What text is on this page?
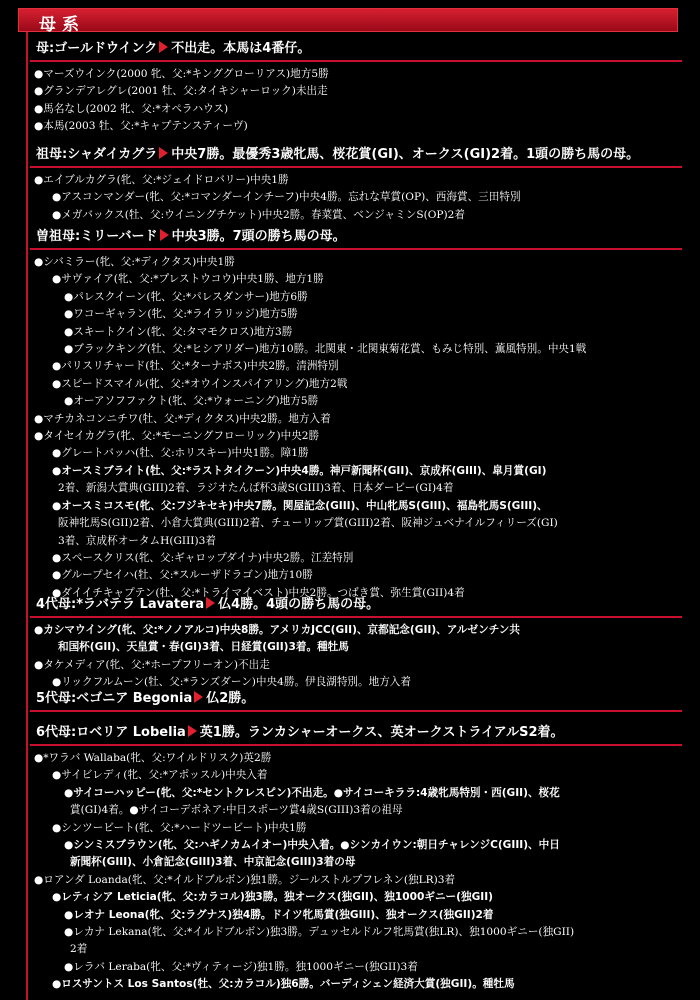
母系
母:ゴールドウインク 不出走。本馬は4番仔。
●マーズウインク(2000 牝、父:*キンググローリアス)地方5勝
●グランデアレグレ(2001 牡、父:タイキシャーロック)未出走
●馬名なし(2002 牝、父:*オペラハウス)
●本馬(2003 牡、父:*キャプテンスティーヴ)
祖母:シャダイカグラ 中央7勝。最優秀3歳牝馬、桜花賞(GI)、オークス(GI)2着。1頭の勝ち馬の母。
●エイブルカグラ(牝、父:*ジェイドロバリー)中央1勝
●アスコンマンダー(牝、父:*コマンダーインチーフ)中央4勝。忘れな草賞(OP)、西海賞、三田特別
●メガバックス(牡、父:ウイニングチケット)中央2勝。春菜賞、ベンジャミンS(OP)2着
曽祖母:ミリーバード 中央3勝。7頭の勝ち馬の母。
●シバミラー(牝、父:*ディクタス)中央1勝
●サヴァイア(牝、父:*プレストウコウ)中央1勝、地方1勝
●パレスクイーン(牝、父:*パレスダンサー)地方6勝
●ワコーギャラン(牝、父:*ライラリッジ)地方5勝
●スキートクイン(牝、父:タマモクロス)地方3勝
●ブラックキング(牡、父:*ヒシアリダー)地方10勝。北関東・北関東菊花賞、もみじ特別、薫風特別。中央1戦
●パリスリチャード(牡、父:*ターナボス)中央2勝。清洲特別
●スピードスマイル(牝、父:*オウインスパイアリング)地方2戦
●オーアソフファクト(牝、父:*ウォーニング)地方5勝
●マチカネコンニチワ(牡、父:*ディクタス)中央2勝。地方入着
●タイセイカグラ(牝、父:*モーニングフローリック)中央2勝
●グレートバッハ(牡、父:ホリスキー)中央1勝。障1勝
●オースミブライト(牡、父:*ラストタイクーン)中央4勝。神戸新聞杯(GII)、京成杯(GIII)、皐月賞(GI)
2着、新潟大賞典(GIII)2着、ラジオたんぱ杯3歳S(GIII)3着、日本ダービー(GI)4着
●オースミコスモ(牝、父:フジキセキ)中央7勝。関屋記念(GIII)、中山牝馬S(GIII)、福島牝馬S(GIII)、
阪神牝馬S(GII)2着、小倉大賞典(GIII)2着、チューリップ賞(GIII)2着、阪神ジュベナイルフィリーズ(GI)
3着、京成杯オータムH(GIII)3着
●スペースクリス(牝、父:ギャロップダイナ)中央2勝。江差特別
●グループセイハ(牡、父:*スルーザドラゴン)地方10勝
●ダイイチキャプテン(牡、父:*トライマイベスト)中央2勝。つばき賞、弥生賞(GII)4着
4代母:*ラバテラ Lavatera 仏4勝。4頭の勝ち馬の母。
●カシマウイング(牝、父:*ノノアルコ)中央8勝。アメリカJCC(GII)、京都記念(GII)、アルゼンチン共
和国杯(GII)、天皇賞・春(GI)3着、日経賞(GII)3着。種牡馬
●タケメディア(牝、父:*ホープフリーオン)不出走
●リックフルムーン(牡、父:*ランズダーン)中央4勝。伊良湖特別。地方入着
5代母:ベゴニア Begonia 仏2勝。
6代母:ロベリア Lobelia 英1勝。ランカシャーオークス、英オークストライアルS2着。
●*ワラバ Wallaba(牝、父:ワイルドリスク)英2勝
●サイビレディ(牝、父:*アポッスル)中央入着
●サイコーハッピー(牝、父:*セントクレスピン)不出走。●サイコーキララ:4歳牝馬特別・西(GII)、桜花
賞(GI)4着。●サイコーデボネア:中日スポーツ賞4歳S(GIII)3着の祖母
●シンツービート(牝、父:*ハードツービート)中央1勝
●シンミスブラウン(牝、父:ハギノカムイオー)中央入着。●シンカイウン:朝日チャレンジC(GIII)、中日
新聞杯(GIII)、小倉記念(GIII)3着、中京記念(GIII)3着の母
●ロアンダ Loanda(牝、父:*イルドブルボン)独1勝。ジールストルプフレネン(独LR)3着
●レティシア Leticia(牝、父:カラコル)独3勝。独オークス(独GII)、独1000ギニー(独GII)
●レオナ Leona(牝、父:ラグナス)独4勝。ドイツ牝馬賞(独GIII)、独オークス(独GII)2着
●レカナ Lekana(牝、父:*イルドブルボン)独3勝。デュッセルドルフ牝馬賞(独LR)、独1000ギニー(独GII)
2着
●レラバ Leraba(牝、父:*ヴィティージ)独1勝。独1000ギニー(独GII)3着
●ロスサントス Los Santos(牡、父:カラコル)独6勝。バーディシェン経済大賞(独GII)。種牡馬
